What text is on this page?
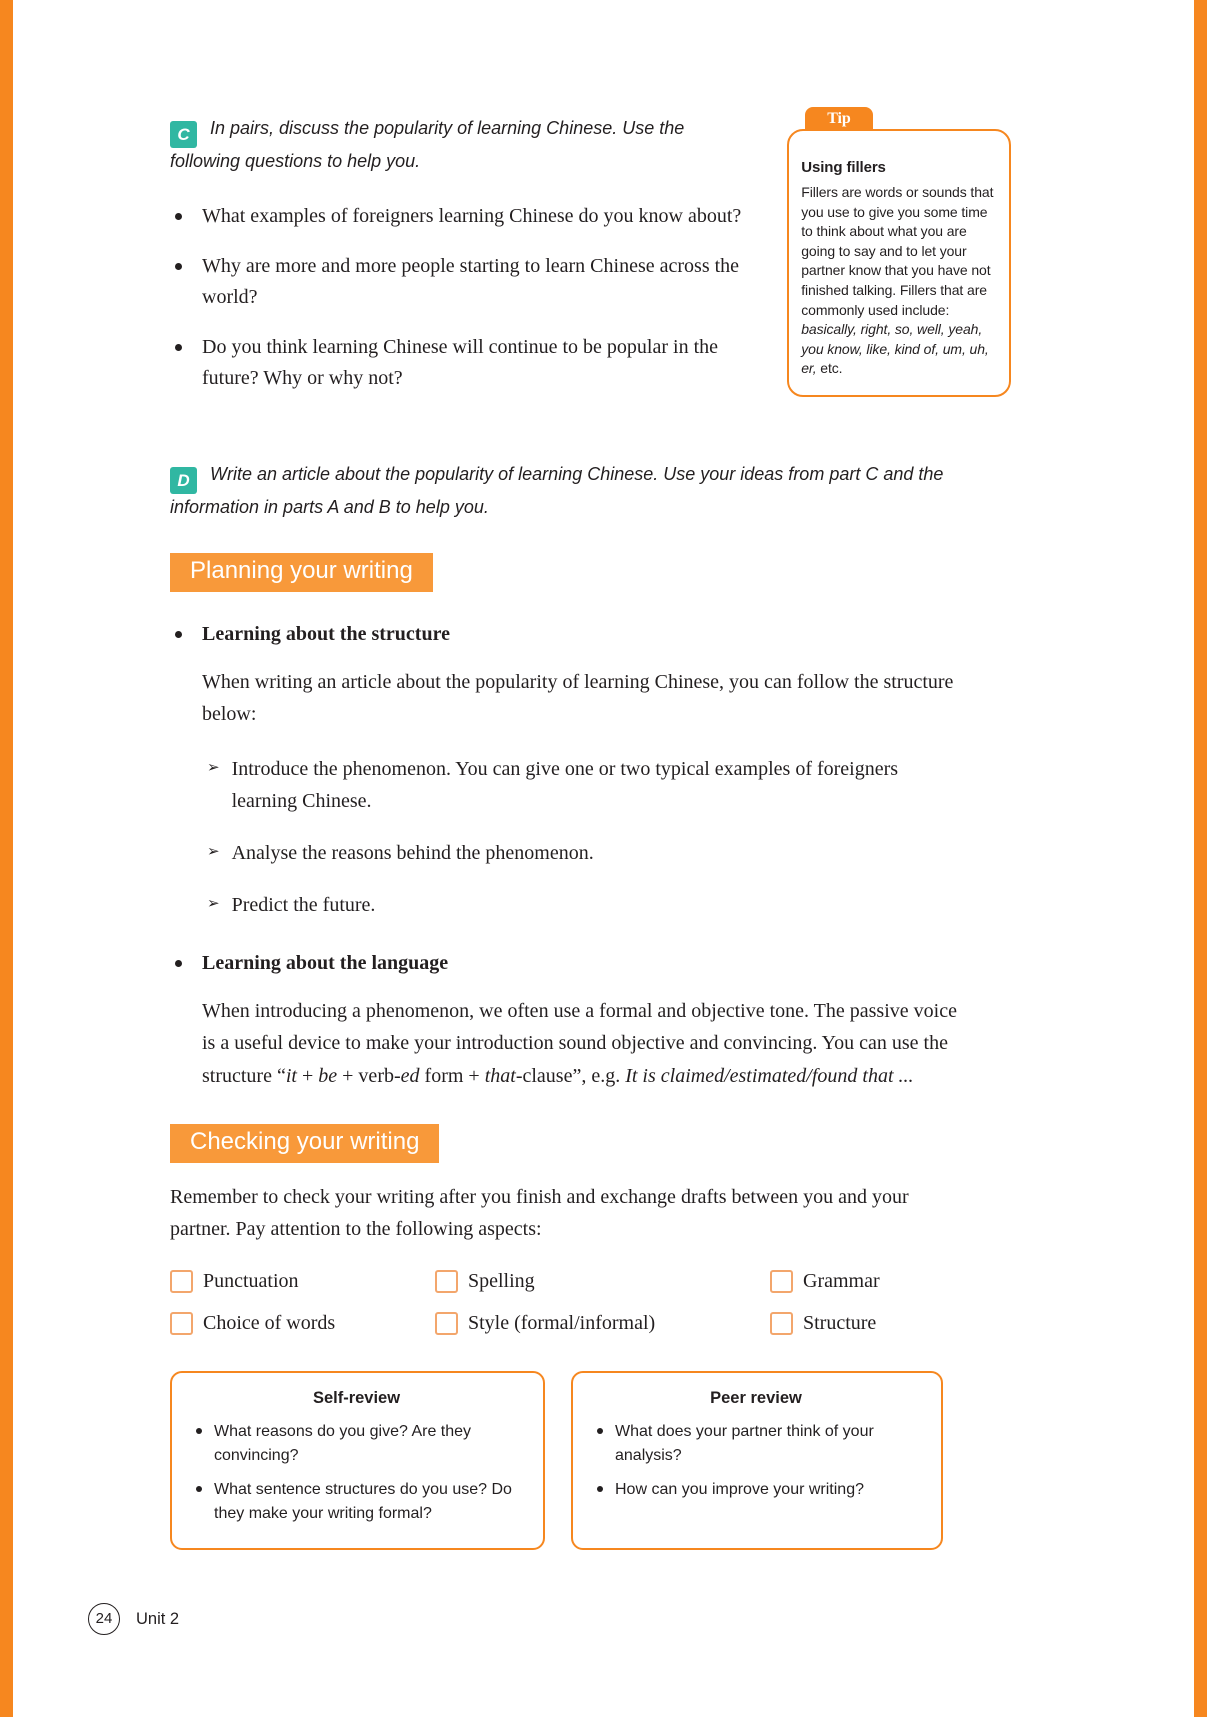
C In pairs, discuss the popularity of learning Chinese. Use the following questions to help you.
What examples of foreigners learning Chinese do you know about?
Why are more and more people starting to learn Chinese across the world?
Do you think learning Chinese will continue to be popular in the future? Why or why not?
Tip
Using fillers
Fillers are words or sounds that you use to give you some time to think about what you are going to say and to let your partner know that you have not finished talking. Fillers that are commonly used include: basically, right, so, well, yeah, you know, like, kind of, um, uh, er, etc.
D Write an article about the popularity of learning Chinese. Use your ideas from part C and the information in parts A and B to help you.
Planning your writing
Learning about the structure
When writing an article about the popularity of learning Chinese, you can follow the structure below:
➢ Introduce the phenomenon. You can give one or two typical examples of foreigners learning Chinese.
➢ Analyse the reasons behind the phenomenon.
➢ Predict the future.
Learning about the language
When introducing a phenomenon, we often use a formal and objective tone. The passive voice is a useful device to make your introduction sound objective and convincing. You can use the structure “it + be + verb-ed form + that-clause”, e.g. It is claimed/estimated/found that ...
Checking your writing
Remember to check your writing after you finish and exchange drafts between you and your partner. Pay attention to the following aspects:
Punctuation	Spelling	Grammar
Choice of words	Style (formal/informal)	Structure
Self-review
What reasons do you give? Are they convincing?
What sentence structures do you use? Do they make your writing formal?
Peer review
What does your partner think of your analysis?
How can you improve your writing?
24	Unit 2
